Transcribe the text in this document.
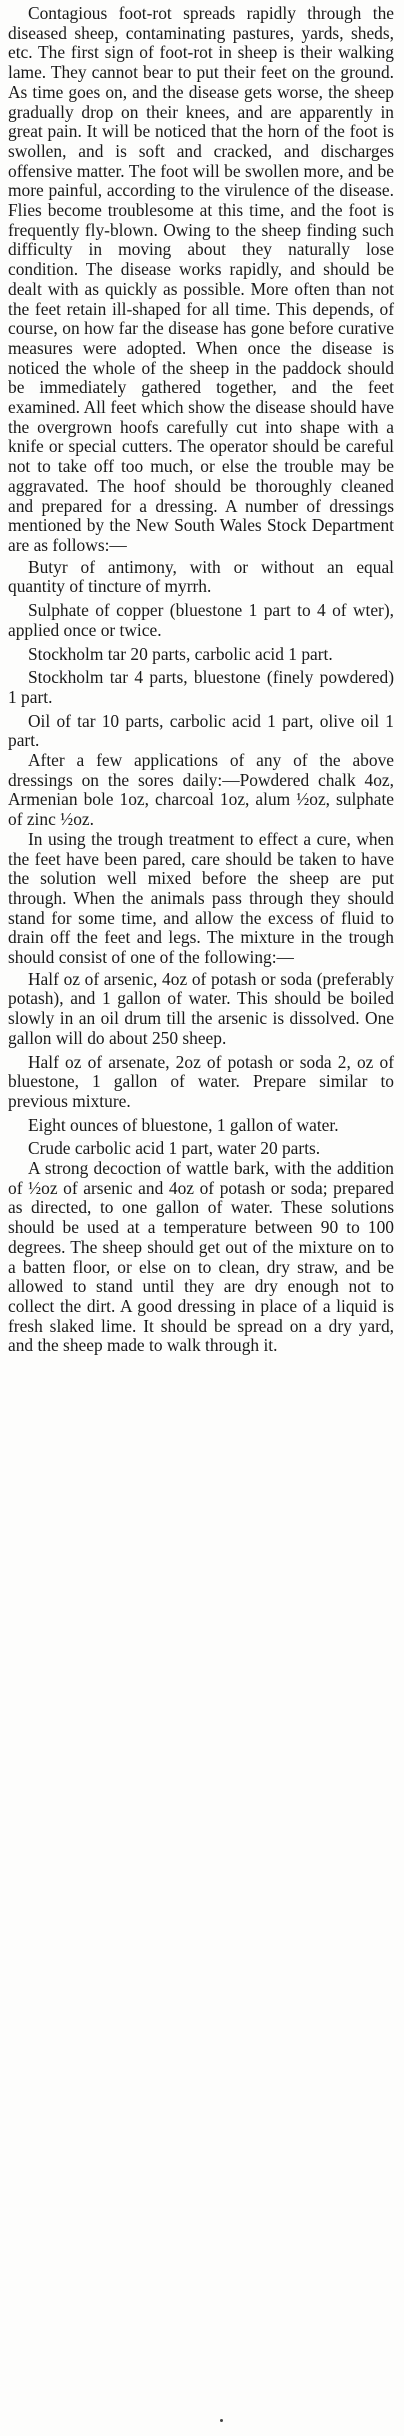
Contagious foot-rot spreads rapidly through the diseased sheep, contaminating pastures, yards, sheds, etc. The first sign of foot-rot in sheep is their walking lame. They cannot bear to put their feet on the ground. As time goes on, and the disease gets worse, the sheep gradually drop on their knees, and are apparently in great pain. It will be noticed that the horn of the foot is swollen, and is soft and cracked, and discharges offensive matter. The foot will be swollen more, and be more painful, according to the virulence of the disease. Flies become troublesome at this time, and the foot is frequently fly-blown. Owing to the sheep finding such difficulty in moving about they naturally lose condition. The disease works rapidly, and should be dealt with as quickly as possible. More often than not the feet retain ill-shaped for all time. This depends, of course, on how far the disease has gone before curative measures were adopted. When once the disease is noticed the whole of the sheep in the paddock should be immediately gathered together, and the feet examined. All feet which show the disease should have the overgrown hoofs carefully cut into shape with a knife or special cutters. The operator should be careful not to take off too much, or else the trouble may be aggravated. The hoof should be thoroughly cleaned and prepared for a dressing. A number of dressings mentioned by the New South Wales Stock Department are as follows:—

Butyr of antimony, with or without an equal quantity of tincture of myrrh.

Sulphate of copper (bluestone 1 part to 4 of wter), applied once or twice.

Stockholm tar 20 parts, carbolic acid 1 part.

Stockholm tar 4 parts, bluestone (finely powdered) 1 part.

Oil of tar 10 parts, carbolic acid 1 part, olive oil 1 part.

After a few applications of any of the above dressings on the sores daily:—Powdered chalk 4oz, Armenian bole 1oz, charcoal 1oz, alum ½oz, sulphate of zinc ½oz.

In using the trough treatment to effect a cure, when the feet have been pared, care should be taken to have the solution well mixed before the sheep are put through. When the animals pass through they should stand for some time, and allow the excess of fluid to drain off the feet and legs. The mixture in the trough should consist of one of the following:—

Half oz of arsenic, 4oz of potash or soda (preferably potash), and 1 gallon of water. This should be boiled slowly in an oil drum till the arsenic is dissolved. One gallon will do about 250 sheep.

Half oz of arsenate, 2oz of potash or soda 2, oz of bluestone, 1 gallon of water. Prepare similar to previous mixture.

Eight ounces of bluestone, 1 gallon of water.

Crude carbolic acid 1 part, water 20 parts.

A strong decoction of wattle bark, with the addition of ½oz of arsenic and 4oz of potash or soda; prepared as directed, to one gallon of water. These solutions should be used at a temperature between 90 to 100 degrees. The sheep should get out of the mixture on to a batten floor, or else on to clean, dry straw, and be allowed to stand until they are dry enough not to collect the dirt. A good dressing in place of a liquid is fresh slaked lime. It should be spread on a dry yard, and the sheep made to walk through it.
